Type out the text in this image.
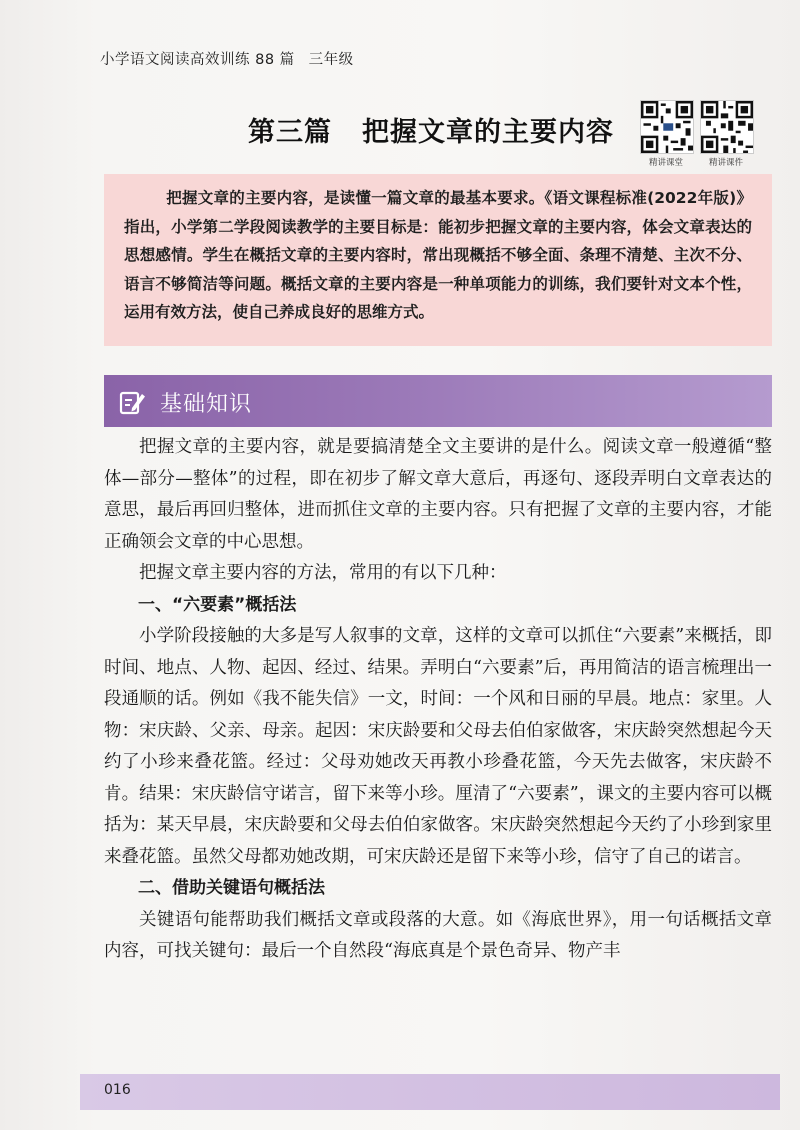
小学语文阅读高效训练 88 篇 三年级
第三篇 把握文章的主要内容
精讲课堂	精讲课件
把握文章的主要内容，是读懂一篇文章的最基本要求。《语文课程标准(2022年版)》指出，小学第二学段阅读教学的主要目标是：能初步把握文章的主要内容，体会文章表达的思想感情。学生在概括文章的主要内容时，常出现概括不够全面、条理不清楚、主次不分、语言不够简洁等问题。概括文章的主要内容是一种单项能力的训练，我们要针对文本个性，运用有效方法，使自己养成良好的思维方式。
基础知识

把握文章的主要内容，就是要搞清楚全文主要讲的是什么。阅读文章一般遵循“整体—部分—整体”的过程，即在初步了解文章大意后，再逐句、逐段弄明白文章表达的意思，最后再回归整体，进而抓住文章的主要内容。只有把握了文章的主要内容，才能正确领会文章的中心思想。

把握文章主要内容的方法，常用的有以下几种：

一、“六要素”概括法

小学阶段接触的大多是写人叙事的文章，这样的文章可以抓住“六要素”来概括，即时间、地点、人物、起因、经过、结果。弄明白“六要素”后，再用简洁的语言梳理出一段通顺的话。例如《我不能失信》一文，时间：一个风和日丽的早晨。地点：家里。人物：宋庆龄、父亲、母亲。起因：宋庆龄要和父母去伯伯家做客，宋庆龄突然想起今天约了小珍来叠花篮。经过：父母劝她改天再教小珍叠花篮，今天先去做客，宋庆龄不肯。结果：宋庆龄信守诺言，留下来等小珍。厘清了“六要素”，课文的主要内容可以概括为：某天早晨，宋庆龄要和父母去伯伯家做客。宋庆龄突然想起今天约了小珍到家里来叠花篮。虽然父母都劝她改期，可宋庆龄还是留下来等小珍，信守了自己的诺言。

二、借助关键语句概括法

关键语句能帮助我们概括文章或段落的大意。如《海底世界》，用一句话概括文章内容，可找关键句：最后一个自然段“海底真是个景色奇异、物产丰

016
